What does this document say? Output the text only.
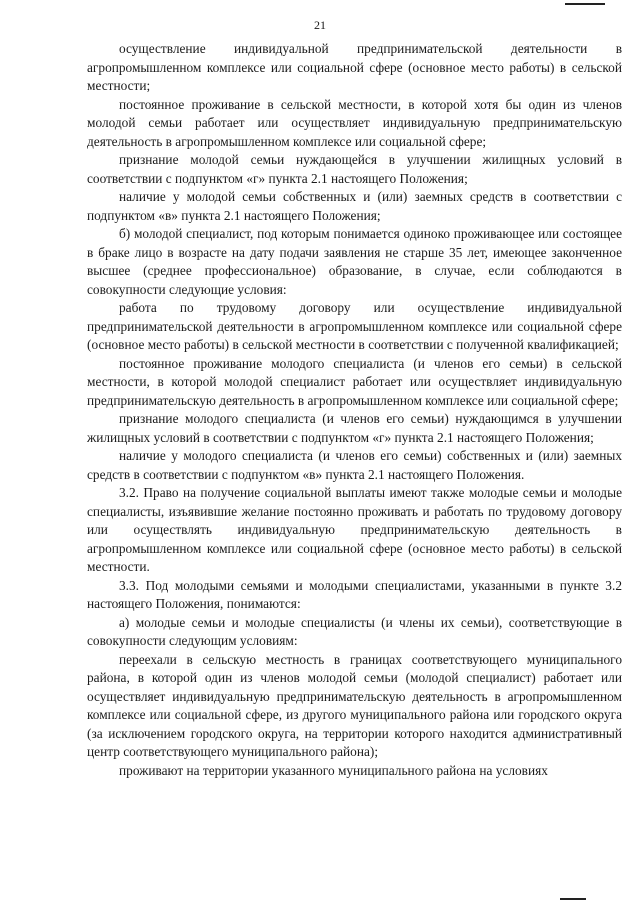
21

осуществление индивидуальной предпринимательской деятельности в агропромышленном комплексе или социальной сфере (основное место работы) в сельской местности;

постоянное проживание в сельской местности, в которой хотя бы один из членов молодой семьи работает или осуществляет индивидуальную предпринимательскую деятельность в агропромышленном комплексе или социальной сфере;

признание молодой семьи нуждающейся в улучшении жилищных условий в соответствии с подпунктом «г» пункта 2.1 настоящего Положения;

наличие у молодой семьи собственных и (или) заемных средств в соответствии с подпунктом «в» пункта 2.1 настоящего Положения;

б) молодой специалист, под которым понимается одиноко проживающее или состоящее в браке лицо в возрасте на дату подачи заявления не старше 35 лет, имеющее законченное высшее (среднее профессиональное) образование, в случае, если соблюдаются в совокупности следующие условия:

работа по трудовому договору или осуществление индивидуальной предпринимательской деятельности в агропромышленном комплексе или социальной сфере (основное место работы) в сельской местности в соответствии с полученной квалификацией;

постоянное проживание молодого специалиста (и членов его семьи) в сельской местности, в которой молодой специалист работает или осуществляет индивидуальную предпринимательскую деятельность в агропромышленном комплексе или социальной сфере;

признание молодого специалиста (и членов его семьи) нуждающимся в улучшении жилищных условий в соответствии с подпунктом «г» пункта 2.1 настоящего Положения;

наличие у молодого специалиста (и членов его семьи) собственных и (или) заемных средств в соответствии с подпунктом «в» пункта 2.1 настоящего Положения.

3.2. Право на получение социальной выплаты имеют также молодые семьи и молодые специалисты, изъявившие желание постоянно проживать и работать по трудовому договору или осуществлять индивидуальную предпринимательскую деятельность в агропромышленном комплексе или социальной сфере (основное место работы) в сельской местности.

3.3. Под молодыми семьями и молодыми специалистами, указанными в пункте 3.2 настоящего Положения, понимаются:

а) молодые семьи и молодые специалисты (и члены их семьи), соответствующие в совокупности следующим условиям:

переехали в сельскую местность в границах соответствующего муниципального района, в которой один из членов молодой семьи (молодой специалист) работает или осуществляет индивидуальную предпринимательскую деятельность в агропромышленном комплексе или социальной сфере, из другого муниципального района или городского округа (за исключением городского округа, на территории которого находится административный центр соответствующего муниципального района);

проживают на территории указанного муниципального района на условиях
